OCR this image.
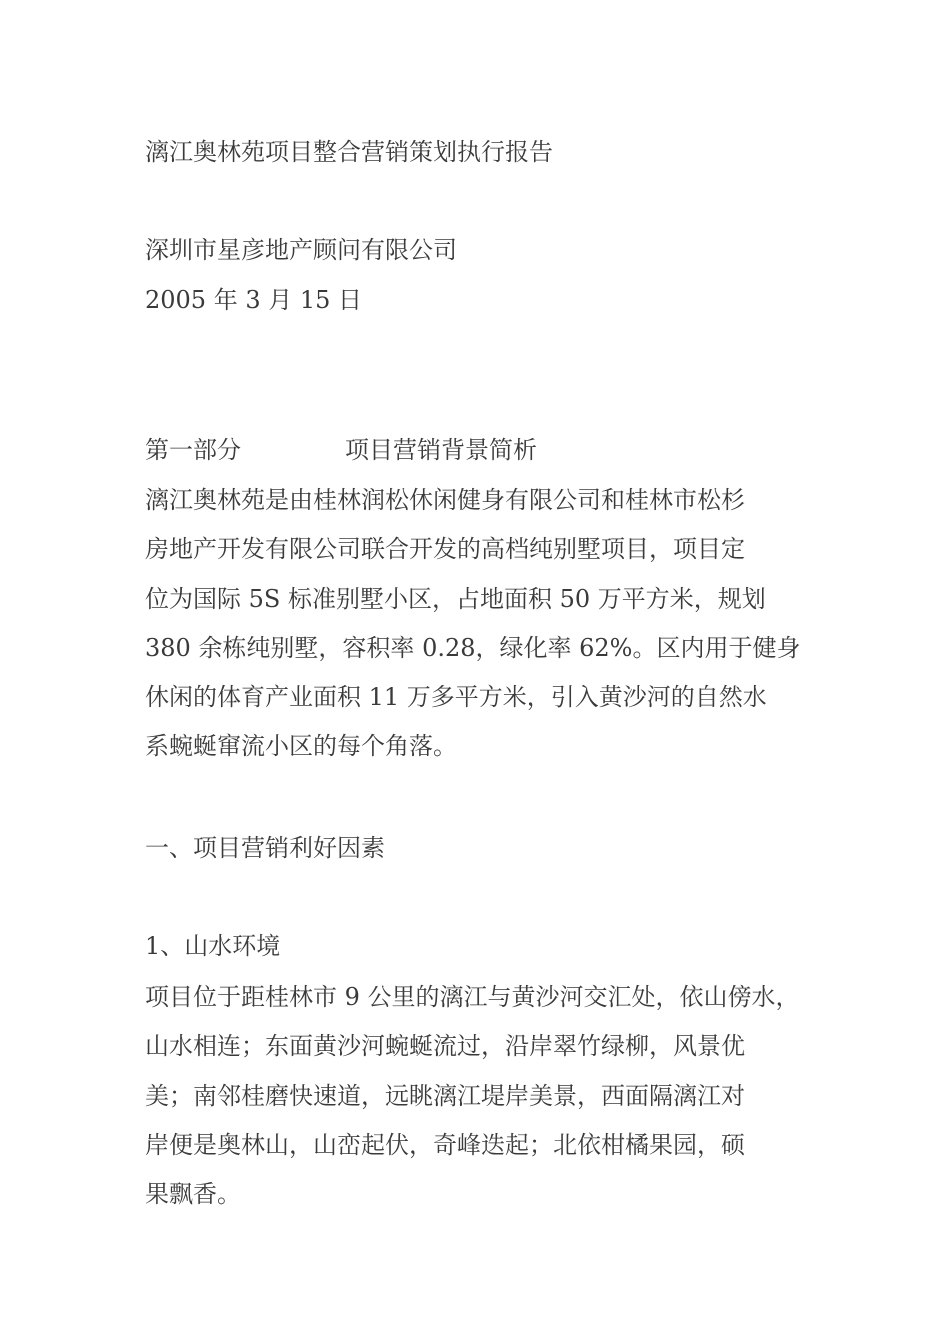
漓江奥林苑项目整合营销策划执行报告
深圳市星彦地产顾问有限公司
2005 年 3 月 15 日
第一部分	项目营销背景简析
漓江奥林苑是由桂林润松休闲健身有限公司和桂林市松杉
房地产开发有限公司联合开发的高档纯别墅项目，项目定
位为国际 5S 标准别墅小区，占地面积 50 万平方米，规划
380 余栋纯别墅，容积率 0.28，绿化率 62%。区内用于健身
休闲的体育产业面积 11 万多平方米，引入黄沙河的自然水
系蜿蜒窜流小区的每个角落。
一、项目营销利好因素
1、山水环境
项目位于距桂林市 9 公里的漓江与黄沙河交汇处，依山傍水，
山水相连；东面黄沙河蜿蜒流过，沿岸翠竹绿柳，风景优
美；南邻桂磨快速道，远眺漓江堤岸美景，西面隔漓江对
岸便是奥林山，山峦起伏，奇峰迭起；北依柑橘果园，硕
果飘香。
